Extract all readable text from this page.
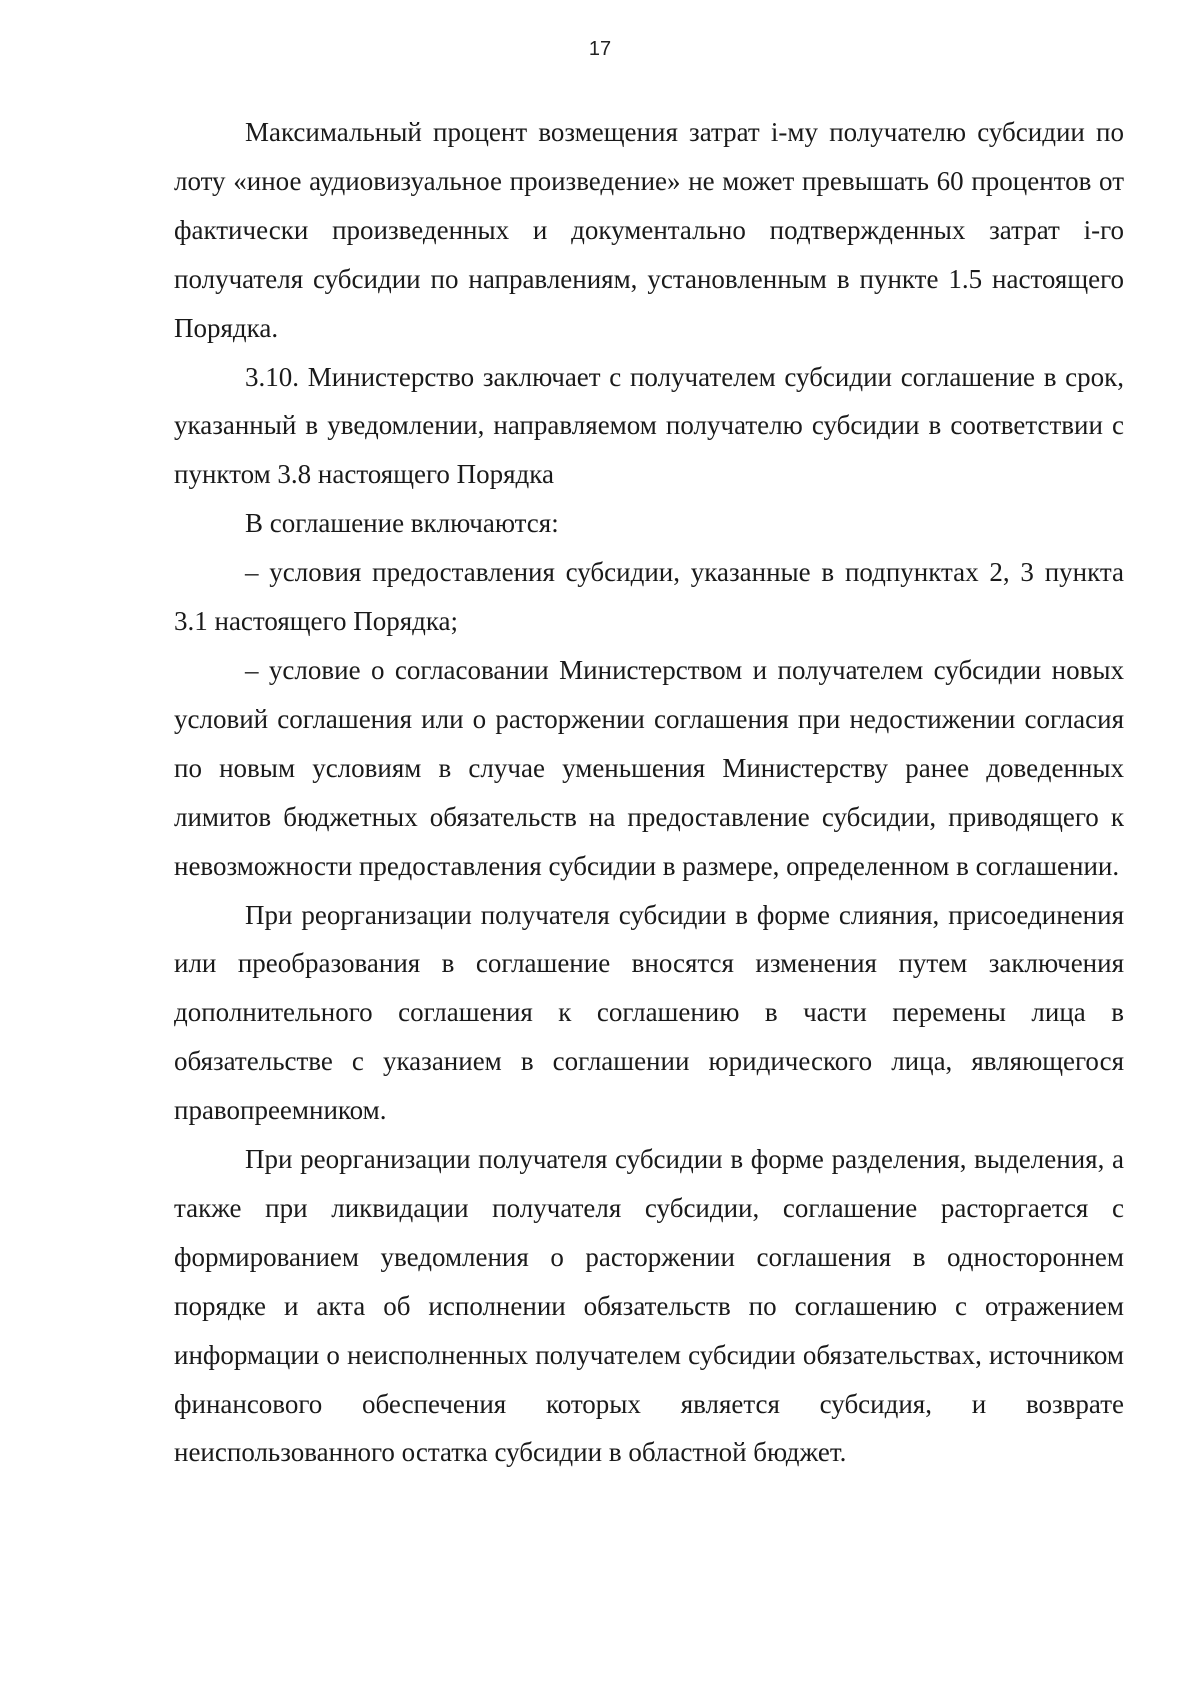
17

Максимальный процент возмещения затрат i-му получателю субсидии по лоту «иное аудиовизуальное произведение» не может превышать 60 процентов от фактически произведенных и документально подтвержденных затрат i-го получателя субсидии по направлениям, установленным в пункте 1.5 настоящего Порядка.

3.10. Министерство заключает с получателем субсидии соглашение в срок, указанный в уведомлении, направляемом получателю субсидии в соответствии с пунктом 3.8 настоящего Порядка

В соглашение включаются:

– условия предоставления субсидии, указанные в подпунктах 2, 3 пункта 3.1 настоящего Порядка;

– условие о согласовании Министерством и получателем субсидии новых условий соглашения или о расторжении соглашения при недостижении согласия по новым условиям в случае уменьшения Министерству ранее доведенных лимитов бюджетных обязательств на предоставление субсидии, приводящего к невозможности предоставления субсидии в размере, определенном в соглашении.

При реорганизации получателя субсидии в форме слияния, присоединения или преобразования в соглашение вносятся изменения путем заключения дополнительного соглашения к соглашению в части перемены лица в обязательстве с указанием в соглашении юридического лица, являющегося правопреемником.

При реорганизации получателя субсидии в форме разделения, выделения, а также при ликвидации получателя субсидии, соглашение расторгается с формированием уведомления о расторжении соглашения в одностороннем порядке и акта об исполнении обязательств по соглашению с отражением информации о неисполненных получателем субсидии обязательствах, источником финансового обеспечения которых является субсидия, и возврате неиспользованного остатка субсидии в областной бюджет.
